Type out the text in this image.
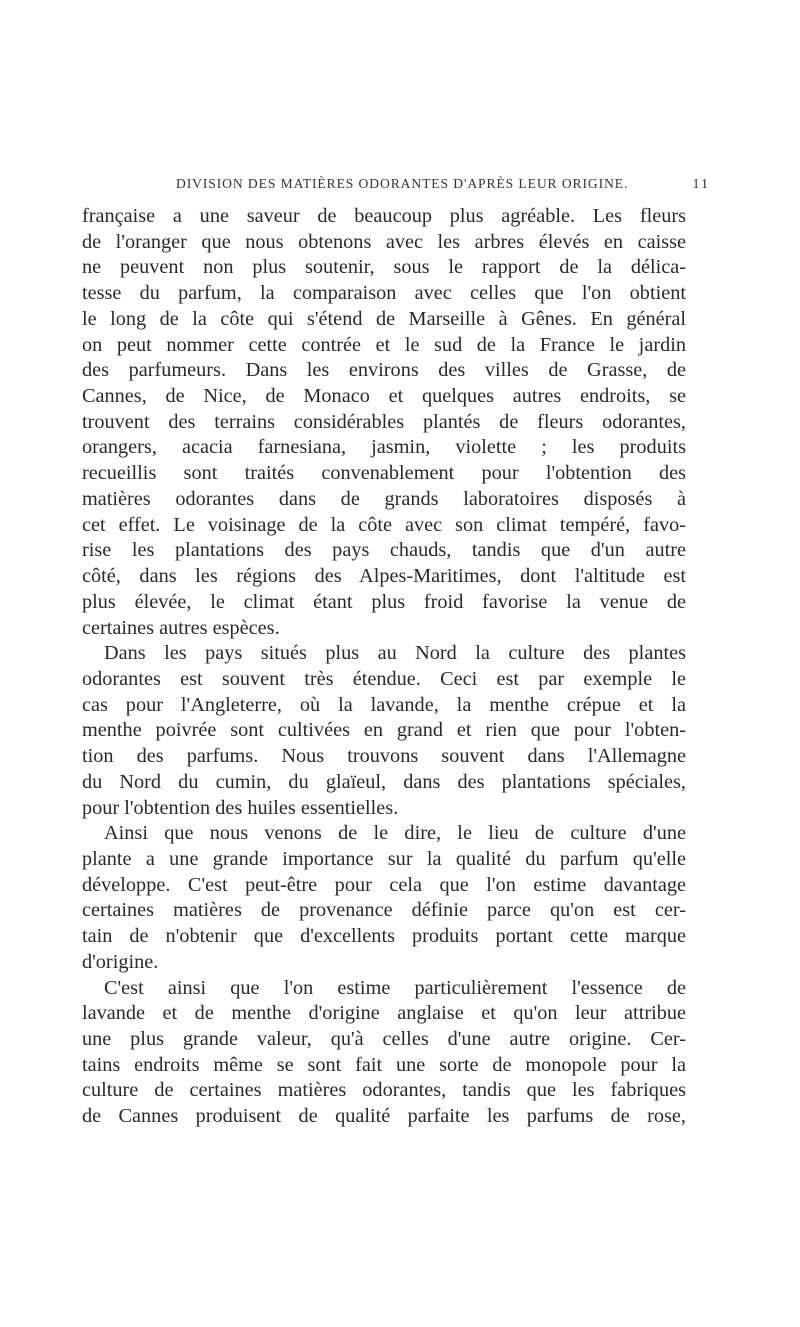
DIVISION DES MATIÈRES ODORANTES D'APRÈS LEUR ORIGINE.	11
française a une saveur de beaucoup plus agréable. Les fleurs
de l'oranger que nous obtenons avec les arbres élevés en caisse
ne peuvent non plus soutenir, sous le rapport de la délica-
tesse du parfum, la comparaison avec celles que l'on obtient
le long de la côte qui s'étend de Marseille à Gênes. En général
on peut nommer cette contrée et le sud de la France le jardin
des parfumeurs. Dans les environs des villes de Grasse, de
Cannes, de Nice, de Monaco et quelques autres endroits, se
trouvent des terrains considérables plantés de fleurs odorantes,
orangers, acacia farnesiana, jasmin, violette ; les produits
recueillis sont traités convenablement pour l'obtention des
matières odorantes dans de grands laboratoires disposés à
cet effet. Le voisinage de la côte avec son climat tempéré, favo-
rise les plantations des pays chauds, tandis que d'un autre
côté, dans les régions des Alpes-Maritimes, dont l'altitude est
plus élevée, le climat étant plus froid favorise la venue de
certaines autres espèces.
Dans les pays situés plus au Nord la culture des plantes
odorantes est souvent très étendue. Ceci est par exemple le
cas pour l'Angleterre, où la lavande, la menthe crépue et la
menthe poivrée sont cultivées en grand et rien que pour l'obten-
tion des parfums. Nous trouvons souvent dans l'Allemagne
du Nord du cumin, du glaïeul, dans des plantations spéciales,
pour l'obtention des huiles essentielles.
Ainsi que nous venons de le dire, le lieu de culture d'une
plante a une grande importance sur la qualité du parfum qu'elle
développe. C'est peut-être pour cela que l'on estime davantage
certaines matières de provenance définie parce qu'on est cer-
tain de n'obtenir que d'excellents produits portant cette marque
d'origine.
C'est ainsi que l'on estime particulièrement l'essence de
lavande et de menthe d'origine anglaise et qu'on leur attribue
une plus grande valeur, qu'à celles d'une autre origine. Cer-
tains endroits même se sont fait une sorte de monopole pour la
culture de certaines matières odorantes, tandis que les fabriques
de Cannes produisent de qualité parfaite les parfums de rose,
